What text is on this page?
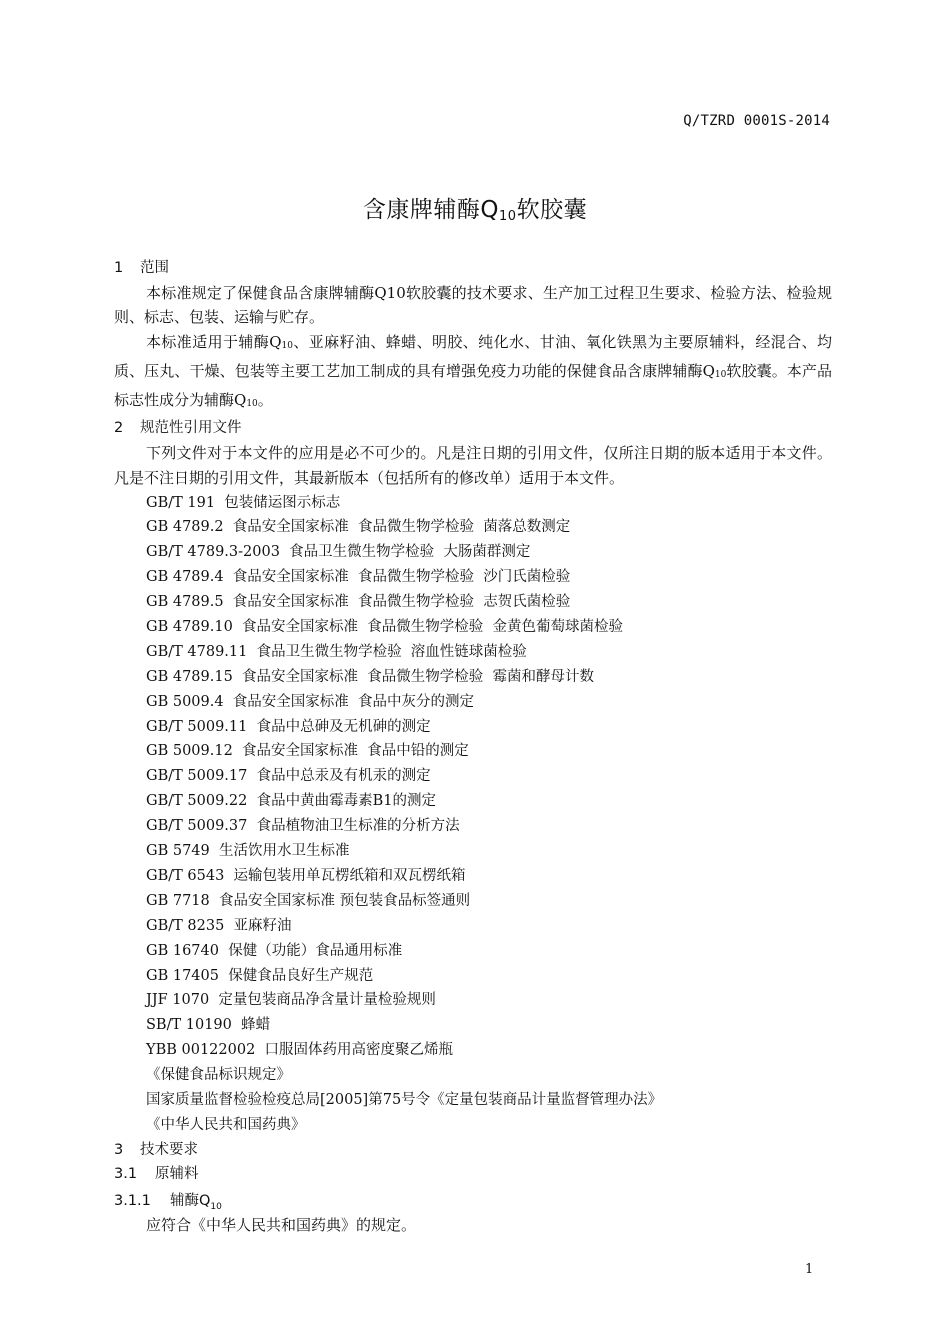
Q/TZRD 0001S-2014
含康牌辅酶$Q_{10}$软胶囊
1 范围

本标准规定了保健食品含康牌辅酶Q10软胶囊的技术要求、生产加工过程卫生要求、检验方法、检验规则、标志、包装、运输与贮存。

本标准适用于辅酶$Q_{10}$、亚麻籽油、蜂蜡、明胶、纯化水、甘油、氧化铁黑为主要原辅料，经混合、均质、压丸、干燥、包装等主要工艺加工制成的具有增强免疫力功能的保健食品含康牌辅酶$Q_{10}$软胶囊。本产品标志性成分为辅酶$Q_{10}$。

2 规范性引用文件

下列文件对于本文件的应用是必不可少的。凡是注日期的引用文件，仅所注日期的版本适用于本文件。凡是不注日期的引用文件，其最新版本（包括所有的修改单）适用于本文件。

GB/T 191  包装储运图示标志
GB 4789.2  食品安全国家标准  食品微生物学检验  菌落总数测定
GB/T 4789.3-2003  食品卫生微生物学检验  大肠菌群测定
GB 4789.4  食品安全国家标准  食品微生物学检验  沙门氏菌检验
GB 4789.5  食品安全国家标准  食品微生物学检验  志贺氏菌检验
GB 4789.10  食品安全国家标准  食品微生物学检验  金黄色葡萄球菌检验
GB/T 4789.11  食品卫生微生物学检验  溶血性链球菌检验
GB 4789.15  食品安全国家标准  食品微生物学检验  霉菌和酵母计数
GB 5009.4  食品安全国家标准  食品中灰分的测定
GB/T 5009.11  食品中总砷及无机砷的测定
GB 5009.12  食品安全国家标准  食品中铅的测定
GB/T 5009.17  食品中总汞及有机汞的测定
GB/T 5009.22  食品中黄曲霉毒素B1的测定
GB/T 5009.37  食品植物油卫生标准的分析方法
GB 5749  生活饮用水卫生标准
GB/T 6543  运输包装用单瓦楞纸箱和双瓦楞纸箱
GB 7718  食品安全国家标准 预包装食品标签通则
GB/T 8235  亚麻籽油
GB 16740  保健（功能）食品通用标准
GB 17405  保健食品良好生产规范
JJF 1070  定量包装商品净含量计量检验规则
SB/T 10190  蜂蜡
YBB 00122002  口服固体药用高密度聚乙烯瓶
《保健食品标识规定》
国家质量监督检验检疫总局[2005]第75号令《定量包装商品计量监督管理办法》
《中华人民共和国药典》
3 技术要求
3.1 原辅料
3.1.1 辅酶$Q_{10}$

应符合《中华人民共和国药典》的规定。

1
